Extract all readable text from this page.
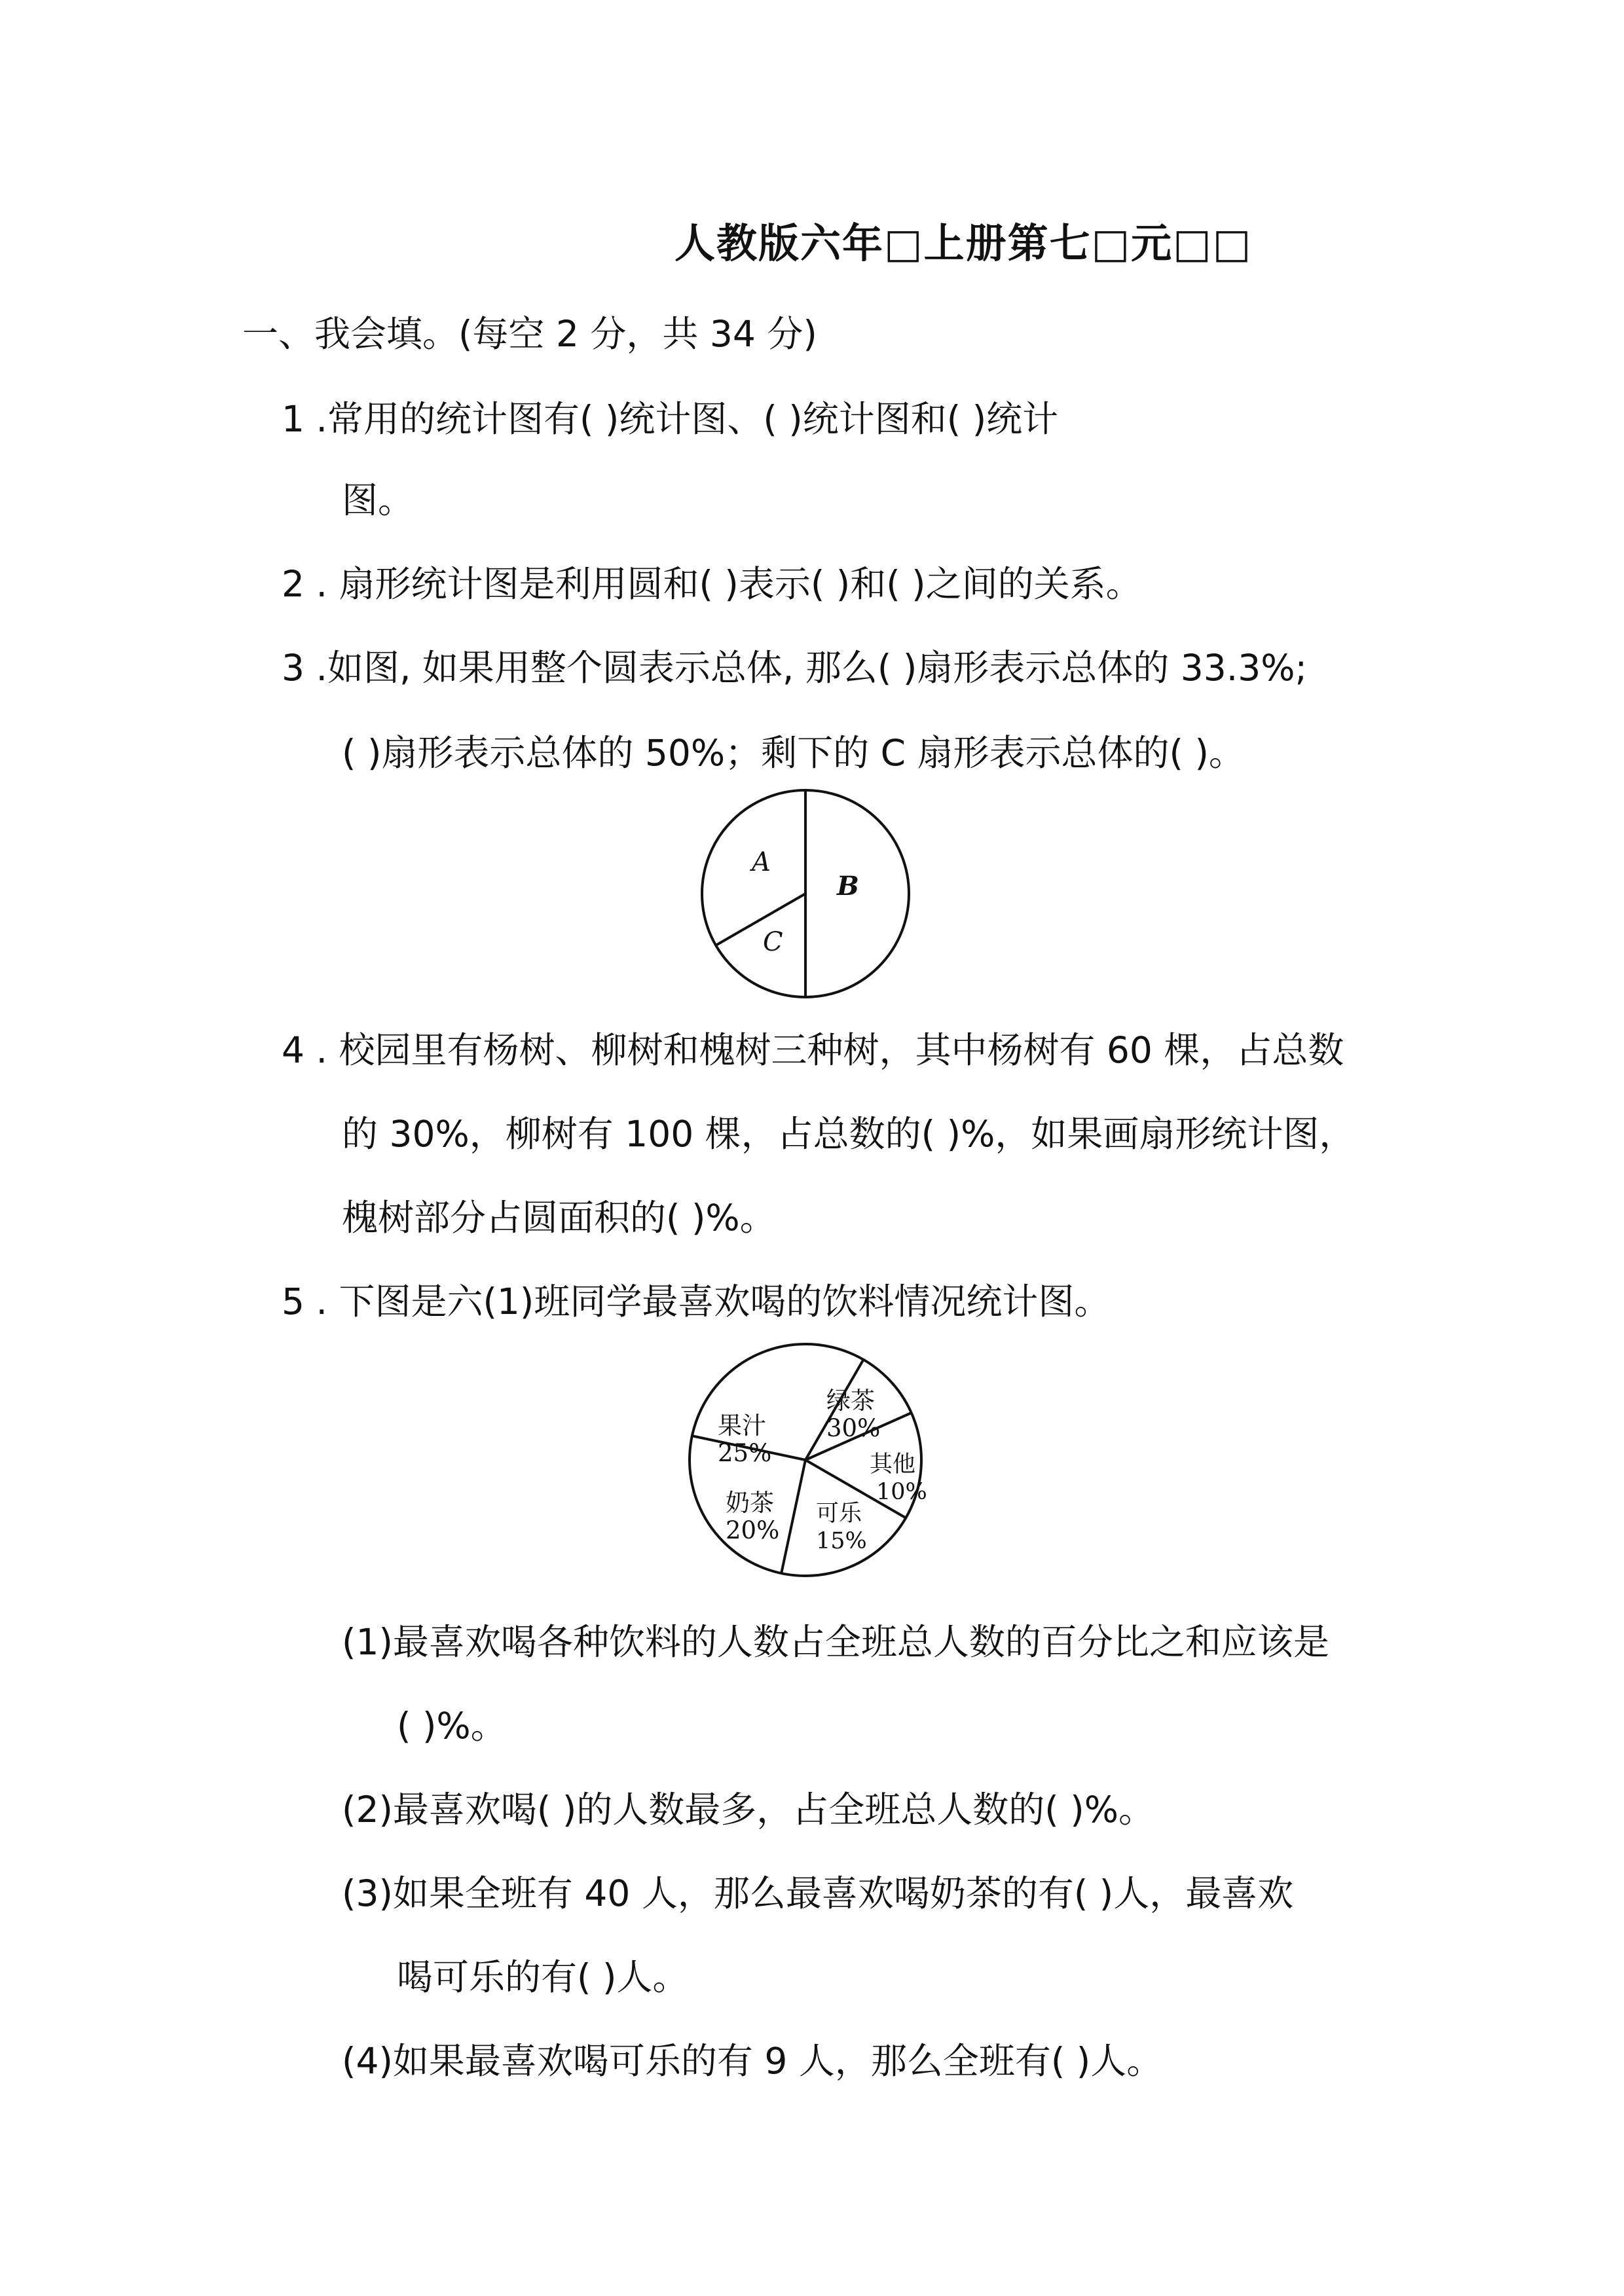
人教版六年□上册第七□元□□
一、我会填。(每空 2 分，共 34 分)
1 .常用的统计图有( )统计图、( )统计图和( )统计
图。
2 . 扇形统计图是利用圆和( )表示( )和( )之间的关系。
3 .如图, 如果用整个圆表示总体, 那么( )扇形表示总体的 33.3%;
( )扇形表示总体的 50%；剩下的 C 扇形表示总体的( )。
A
B
C
4 . 校园里有杨树、柳树和槐树三种树，其中杨树有 60 棵，占总数
的 30%，柳树有 100 棵，占总数的( )%，如果画扇形统计图，
槐树部分占圆面积的( )%。
5 . 下图是六(1)班同学最喜欢喝的饮料情况统计图。
绿茶
30%
其他
10%
可乐
15%
奶茶
20%
果汁
25%
(1)最喜欢喝各种饮料的人数占全班总人数的百分比之和应该是
( )%。
(2)最喜欢喝( )的人数最多，占全班总人数的( )%。
(3)如果全班有 40 人，那么最喜欢喝奶茶的有( )人，最喜欢
喝可乐的有( )人。
(4)如果最喜欢喝可乐的有 9 人，那么全班有( )人。
